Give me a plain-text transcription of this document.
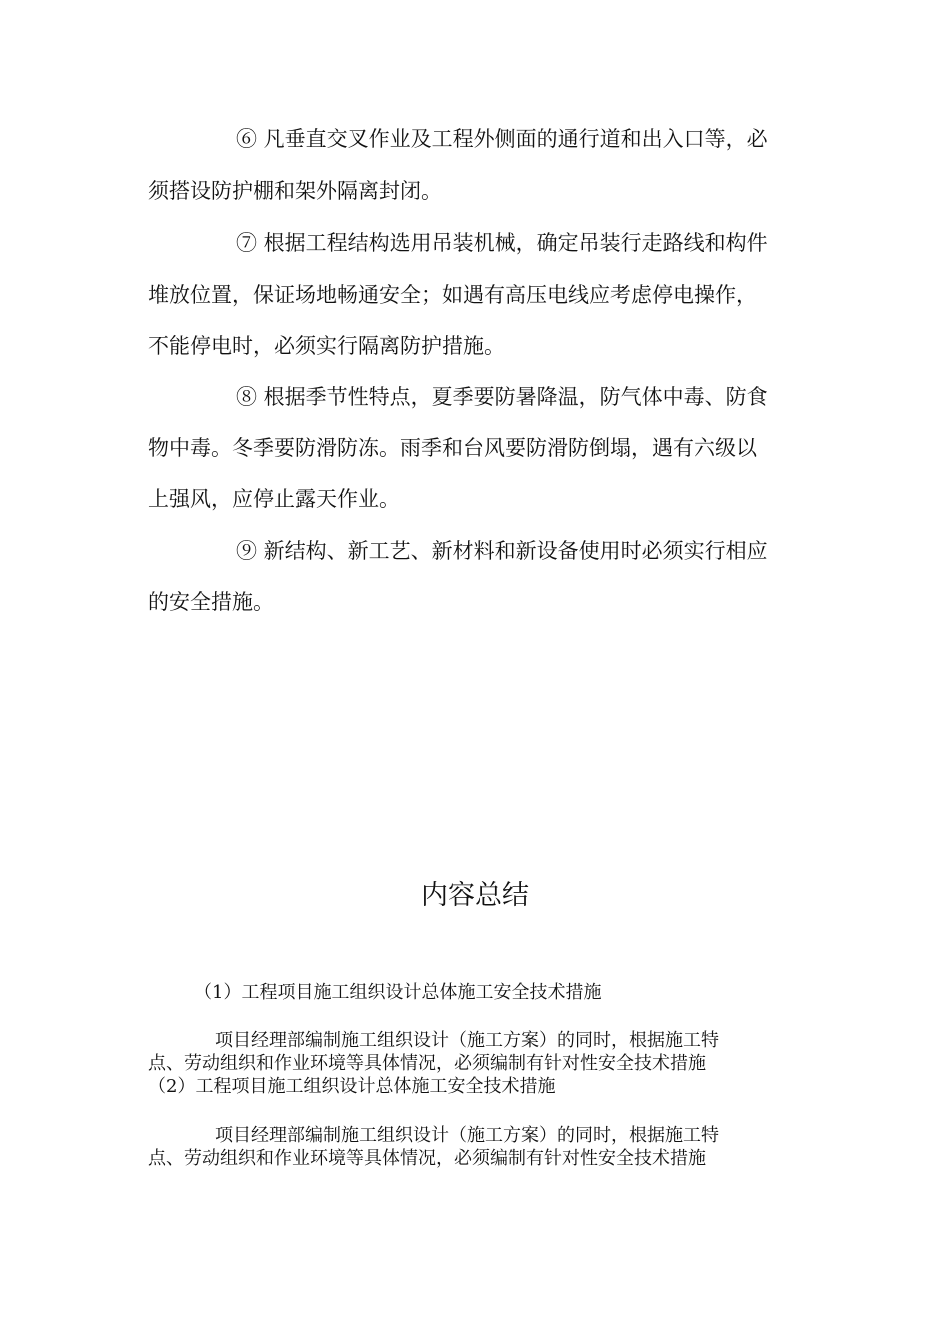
⑥ 凡垂直交叉作业及工程外侧面的通行道和出入口等，必
须搭设防护棚和架外隔离封闭。
⑦ 根据工程结构选用吊装机械，确定吊装行走路线和构件
堆放位置，保证场地畅通安全；如遇有高压电线应考虑停电操作，
不能停电时，必须实行隔离防护措施。
⑧ 根据季节性特点，夏季要防暑降温，防气体中毒、防食
物中毒。冬季要防滑防冻。雨季和台风要防滑防倒塌，遇有六级以
上强风，应停止露天作业。
⑨ 新结构、新工艺、新材料和新设备使用时必须实行相应
的安全措施。
内容总结
（1）工程项目施工组织设计总体施工安全技术措施
项目经理部编制施工组织设计（施工方案）的同时，根据施工特
点、劳动组织和作业环境等具体情况，必须编制有针对性安全技术措施
（2）工程项目施工组织设计总体施工安全技术措施
项目经理部编制施工组织设计（施工方案）的同时，根据施工特
点、劳动组织和作业环境等具体情况，必须编制有针对性安全技术措施
